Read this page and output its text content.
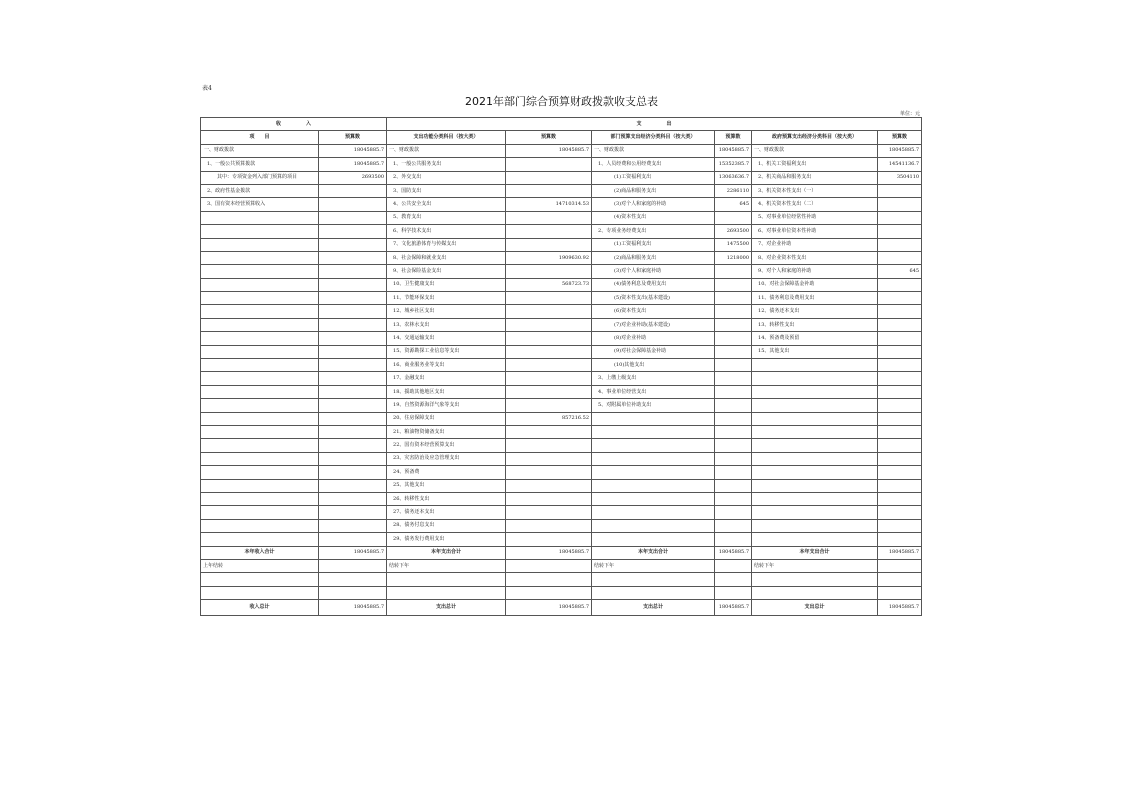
表4
2021年部门综合预算财政拨款收支总表
单位：元
收　　　　　入		支　　　　　出					
项　　目	预算数	支出功能分类科目（按大类）	预算数	部门预算支出经济分类科目（按大类）	预算数	政府预算支出经济分类科目（按大类）	预算数
一、财政拨款	18045885.7	一、财政拨款	18045885.7	一、财政拨款	18045885.7	一、财政拨款	18045885.7
1、一般公共预算拨款	18045885.7	1、一般公共服务支出		1、人员经费和公用经费支出	15352385.7	1、机关工资福利支出	14541136.7
其中：专项资金列入部门预算的项目	2693500	2、外交支出		(1)工资福利支出	13063636.7	2、机关商品和服务支出	3504110
2、政府性基金拨款		3、国防支出		(2)商品和服务支出	2286110	3、机关资本性支出（一）	
3、国有资本经营预算收入		4、公共安全支出	14710314.53	(3)对个人和家庭的补助	645	4、机关资本性支出（二）	
		5、教育支出		(4)资本性支出		5、对事业单位经常性补助	
		6、科学技术支出		2、专项业务经费支出	2693500	6、对事业单位资本性补助	
		7、文化旅游体育与传媒支出		(1)工资福利支出	1475500	7、对企业补助	
		8、社会保障和就业支出	1909630.92	(2)商品和服务支出	1218000	8、对企业资本性支出	
		9、社会保险基金支出		(3)对个人和家庭补助		9、对个人和家庭的补助	645
		10、卫生健康支出	568723.73	(4)债务利息及费用支出		10、对社会保障基金补助	
		11、节能环保支出		(5)资本性支出(基本建设)		11、债务利息及费用支出	
		12、城乡社区支出		(6)资本性支出		12、债务还本支出	
		13、农林水支出		(7)对企业补助(基本建设)		13、转移性支出	
		14、交通运输支出		(8)对企业补助		14、预备费及预留	
		15、资源勘探工业信息等支出		(9)对社会保障基金补助		15、其他支出	
		16、商业服务业等支出		(10)其他支出			
		17、金融支出		3、上缴上级支出			
		18、援助其他地区支出		4、事业单位经营支出			
		19、自然资源海洋气象等支出		5、对附属单位补助支出			
		20、住房保障支出	857216.52				
		21、粮油物资储备支出					
		22、国有资本经营预算支出					
		23、灾害防治及应急管理支出					
		24、预备费					
		25、其他支出					
		26、转移性支出					
		27、债务还本支出					
		28、债务付息支出					
		29、债务发行费用支出					
本年收入合计	18045885.7	本年支出合计	18045885.7	本年支出合计	18045885.7	本年支出合计	18045885.7
上年结转		结转下年		结转下年		结转下年	

收入总计	18045885.7	支出总计	18045885.7	支出总计	18045885.7	支出总计	18045885.7
